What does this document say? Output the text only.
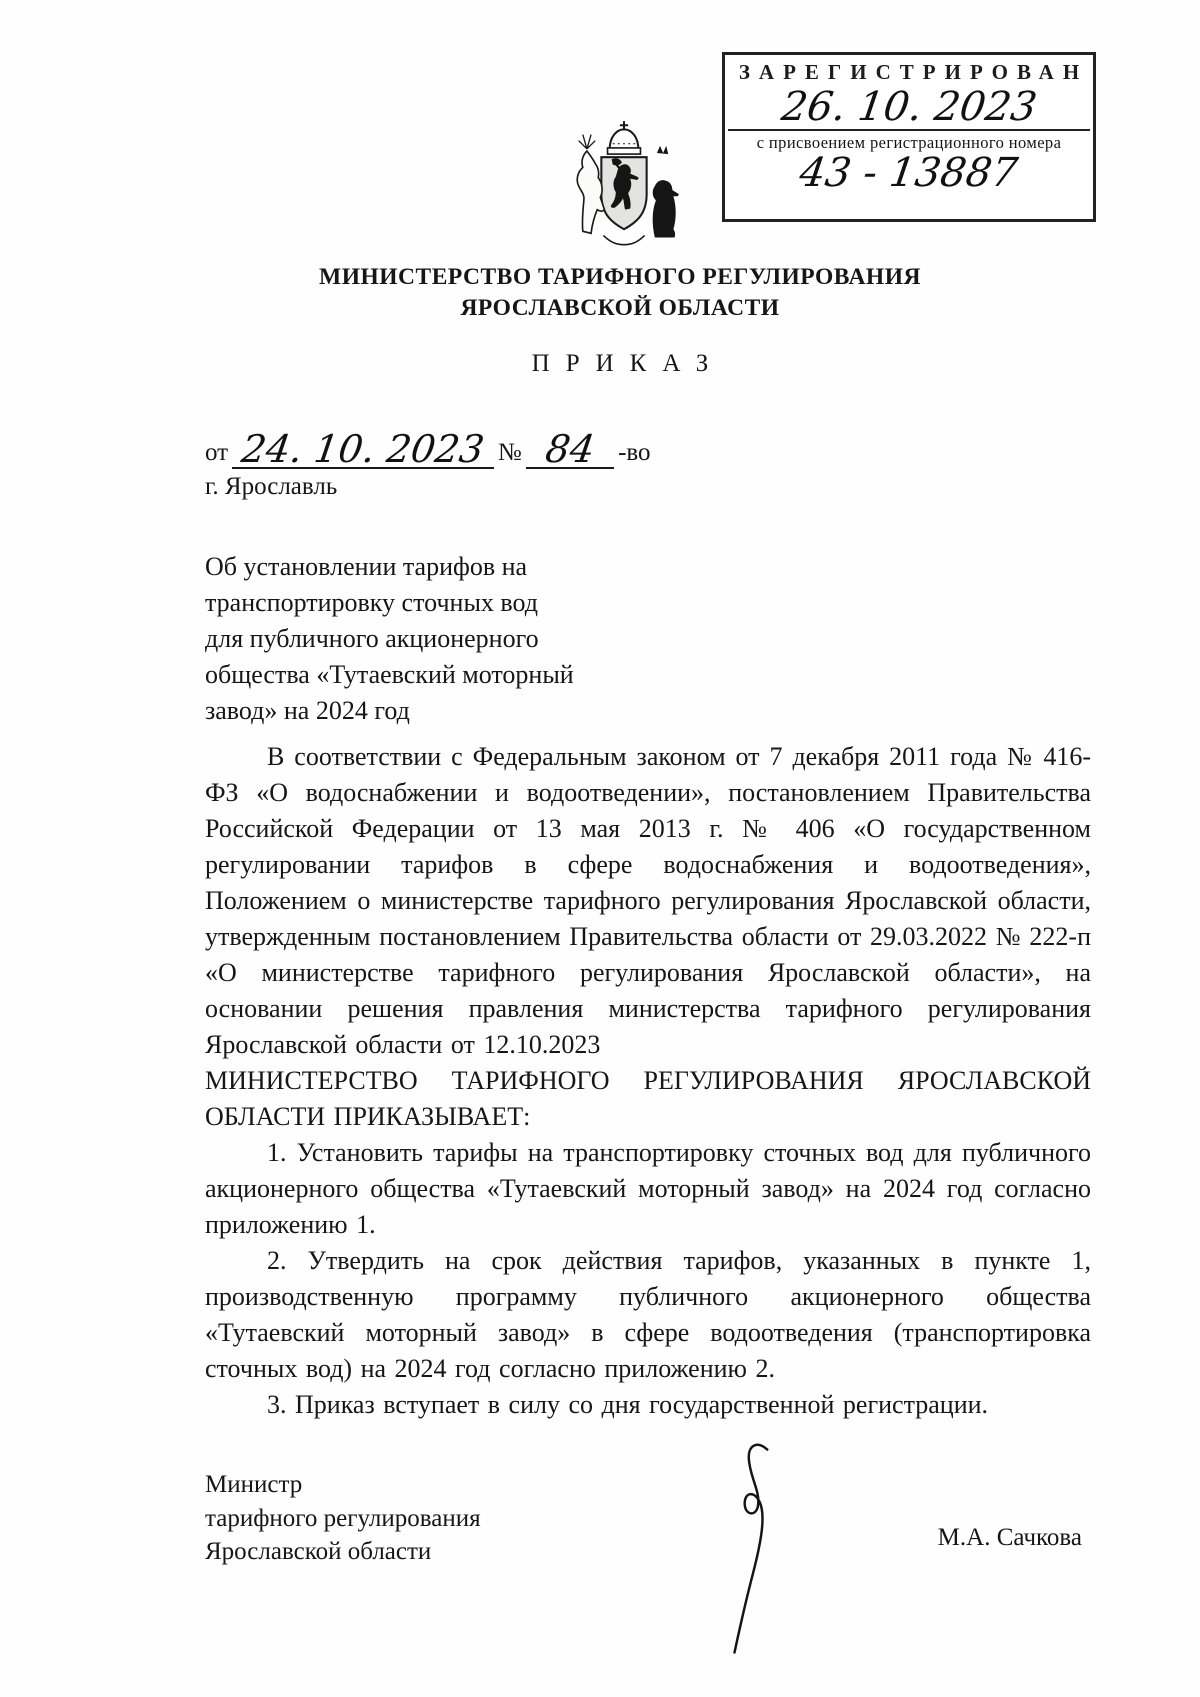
ЗАРЕГИСТРИРОВАН
26. 10. 2023
с присвоением регистрационного номера
43 - 13887
МИНИСТЕРСТВО ТАРИФНОГО РЕГУЛИРОВАНИЯ
ЯРОСЛАВСКОЙ ОБЛАСТИ
ПРИКАЗ
от 24. 10. 2023 № 84 -во
г. Ярославль
Об установлении тарифов на
транспортировку сточных вод
для публичного акционерного
общества «Тутаевский моторный
завод» на 2024 год

В соответствии с Федеральным законом от 7 декабря 2011 года № 416-ФЗ «О водоснабжении и водоотведении», постановлением Правительства Российской Федерации от 13 мая 2013 г. № 406 «О государственном регулировании тарифов в сфере водоснабжения и водоотведения», Положением о министерстве тарифного регулирования Ярославской области, утвержденным постановлением Правительства области от 29.03.2022 № 222-п «О министерстве тарифного регулирования Ярославской области», на основании решения правления министерства тарифного регулирования Ярославской области от 12.10.2023

МИНИСТЕРСТВО ТАРИФНОГО РЕГУЛИРОВАНИЯ ЯРОСЛАВСКОЙ ОБЛАСТИ ПРИКАЗЫВАЕТ:

1. Установить тарифы на транспортировку сточных вод для публичного акционерного общества «Тутаевский моторный завод» на 2024 год согласно приложению 1.

2. Утвердить на срок действия тарифов, указанных в пункте 1, производственную программу публичного акционерного общества «Тутаевский моторный завод» в сфере водоотведения (транспортировка сточных вод) на 2024 год согласно приложению 2.

3. Приказ вступает в силу со дня государственной регистрации.

Министр
тарифного регулирования
Ярославской области
М.А. Сачкова
